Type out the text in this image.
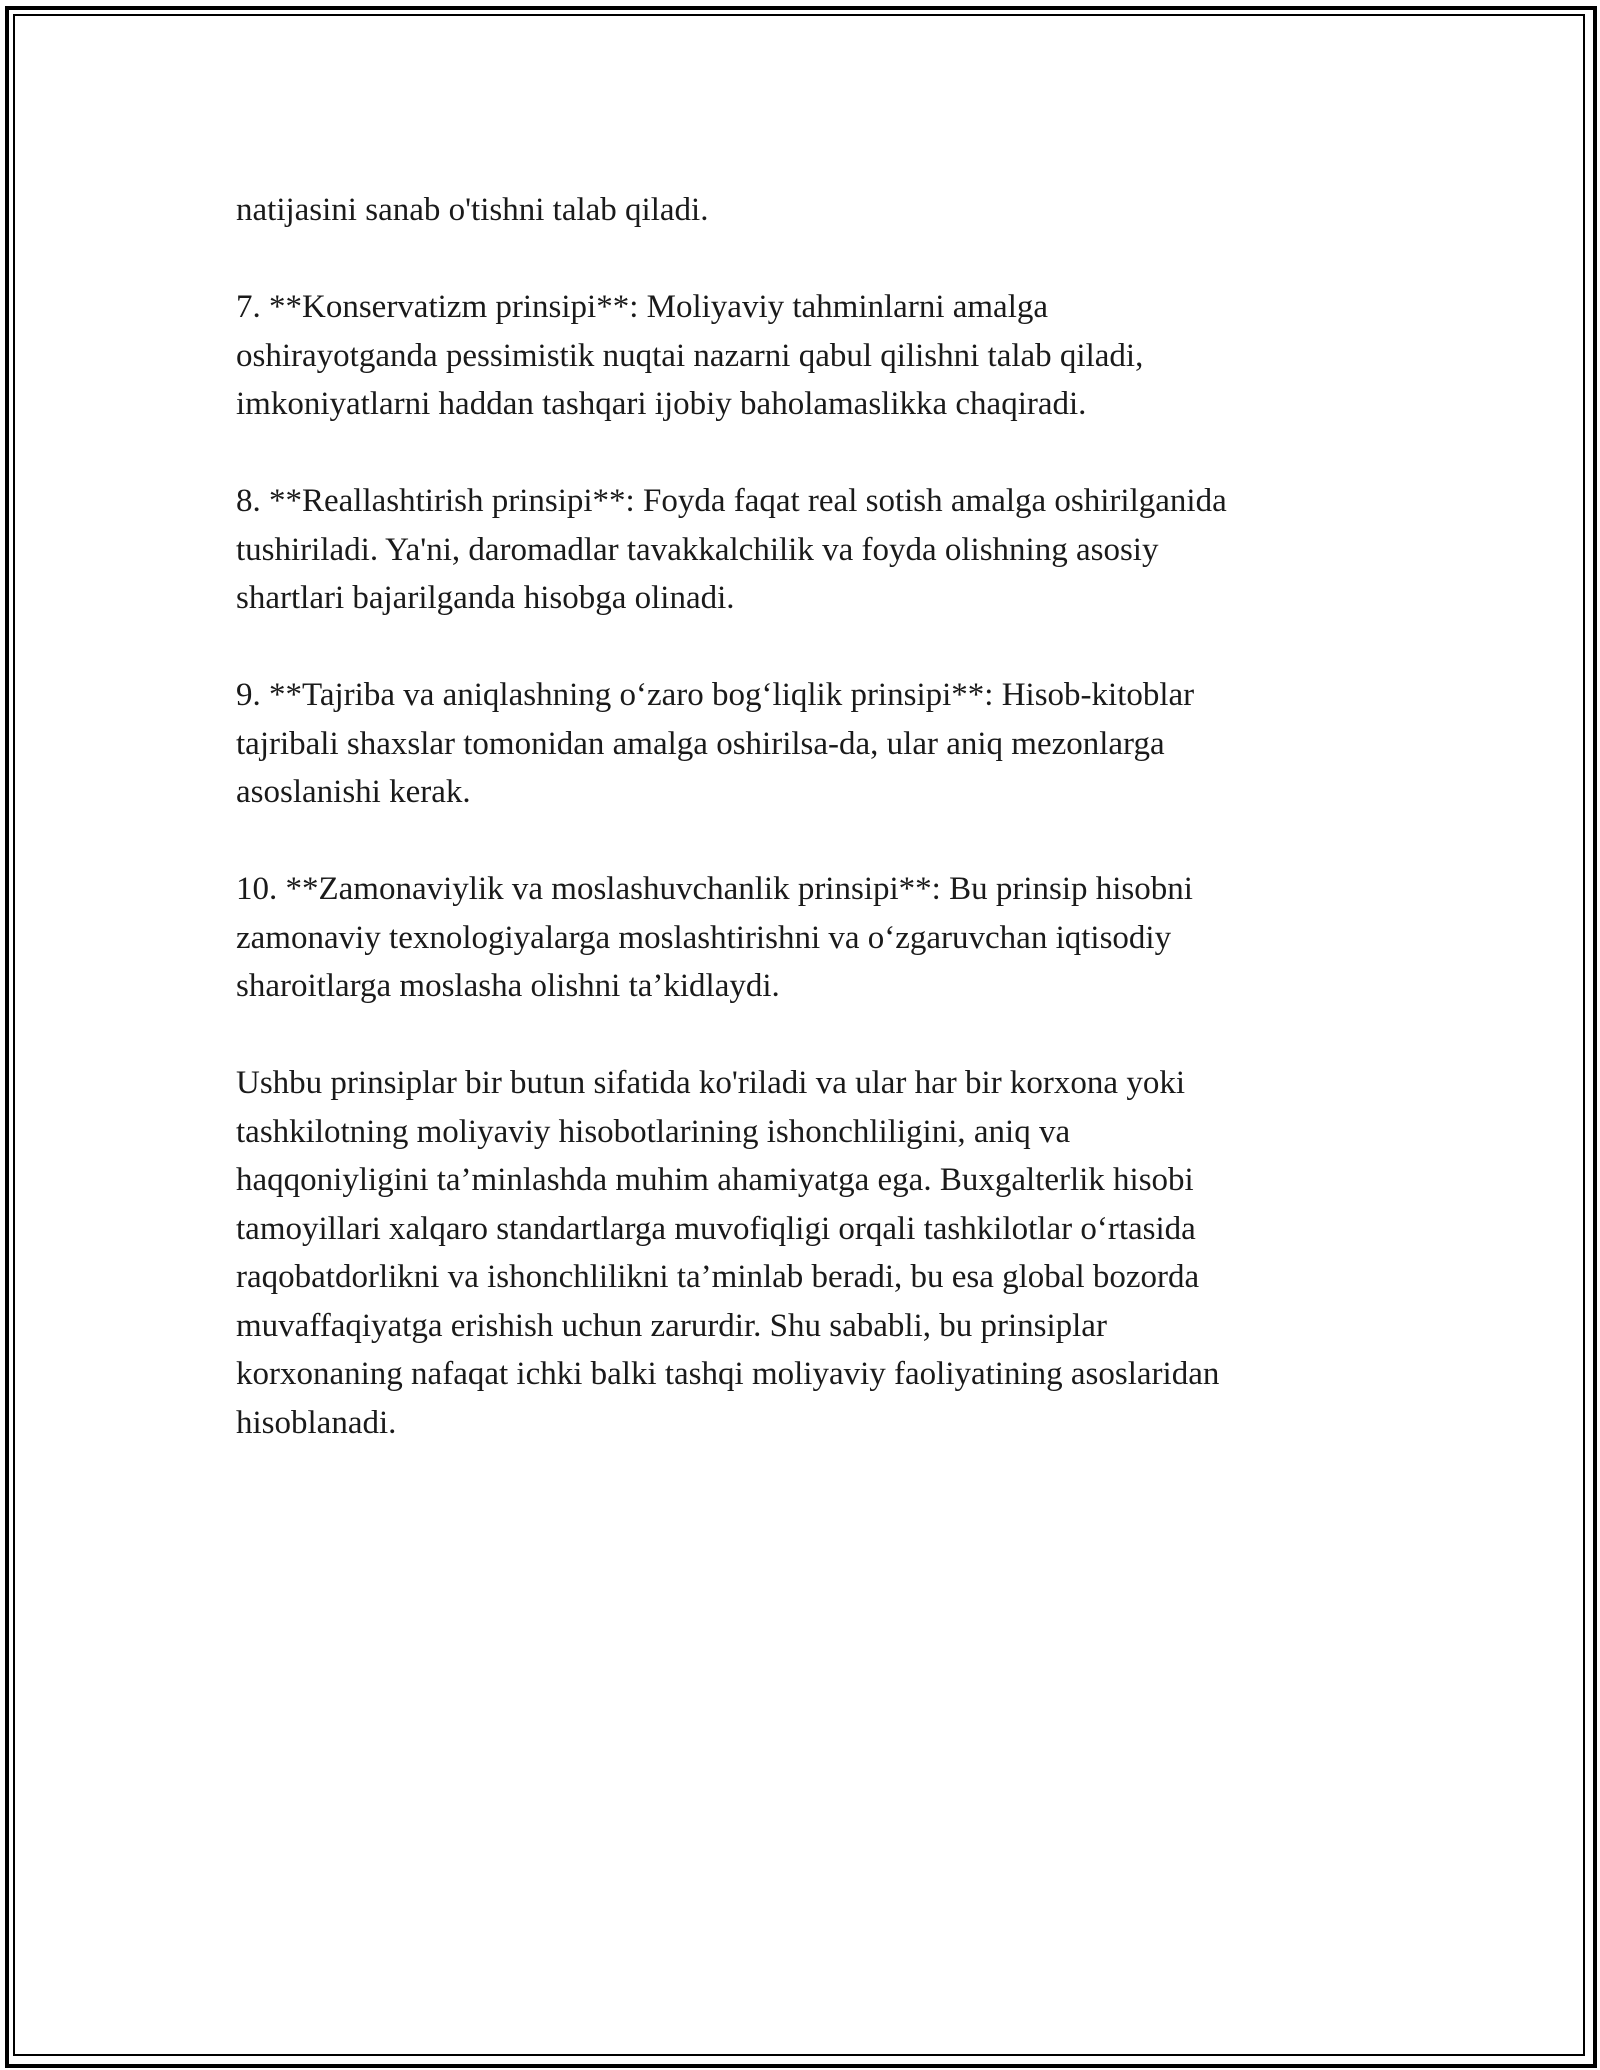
natijasini sanab o'tishni talab qiladi.

7. **Konservatizm prinsipi**: Moliyaviy tahminlarni amalga
oshirayotganda pessimistik nuqtai nazarni qabul qilishni talab qiladi,
imkoniyatlarni haddan tashqari ijobiy baholamaslikka chaqiradi.

8. **Reallashtirish prinsipi**: Foyda faqat real sotish amalga oshirilganida
tushiriladi. Ya'ni, daromadlar tavakkalchilik va foyda olishning asosiy
shartlari bajarilganda hisobga olinadi.

9. **Tajriba va aniqlashning o‘zaro bog‘liqlik prinsipi**: Hisob-kitoblar
tajribali shaxslar tomonidan amalga oshirilsa-da, ular aniq mezonlarga
asoslanishi kerak.

10. **Zamonaviylik va moslashuvchanlik prinsipi**: Bu prinsip hisobni
zamonaviy texnologiyalarga moslashtirishni va o‘zgaruvchan iqtisodiy
sharoitlarga moslasha olishni ta’kidlaydi.

Ushbu prinsiplar bir butun sifatida ko'riladi va ular har bir korxona yoki
tashkilotning moliyaviy hisobotlarining ishonchliligini, aniq va
haqqoniyligini ta’minlashda muhim ahamiyatga ega. Buxgalterlik hisobi
tamoyillari xalqaro standartlarga muvofiqligi orqali tashkilotlar o‘rtasida
raqobatdorlikni va ishonchlilikni ta’minlab beradi, bu esa global bozorda
muvaffaqiyatga erishish uchun zarurdir. Shu sababli, bu prinsiplar
korxonaning nafaqat ichki balki tashqi moliyaviy faoliyatining asoslaridan
hisoblanadi.
